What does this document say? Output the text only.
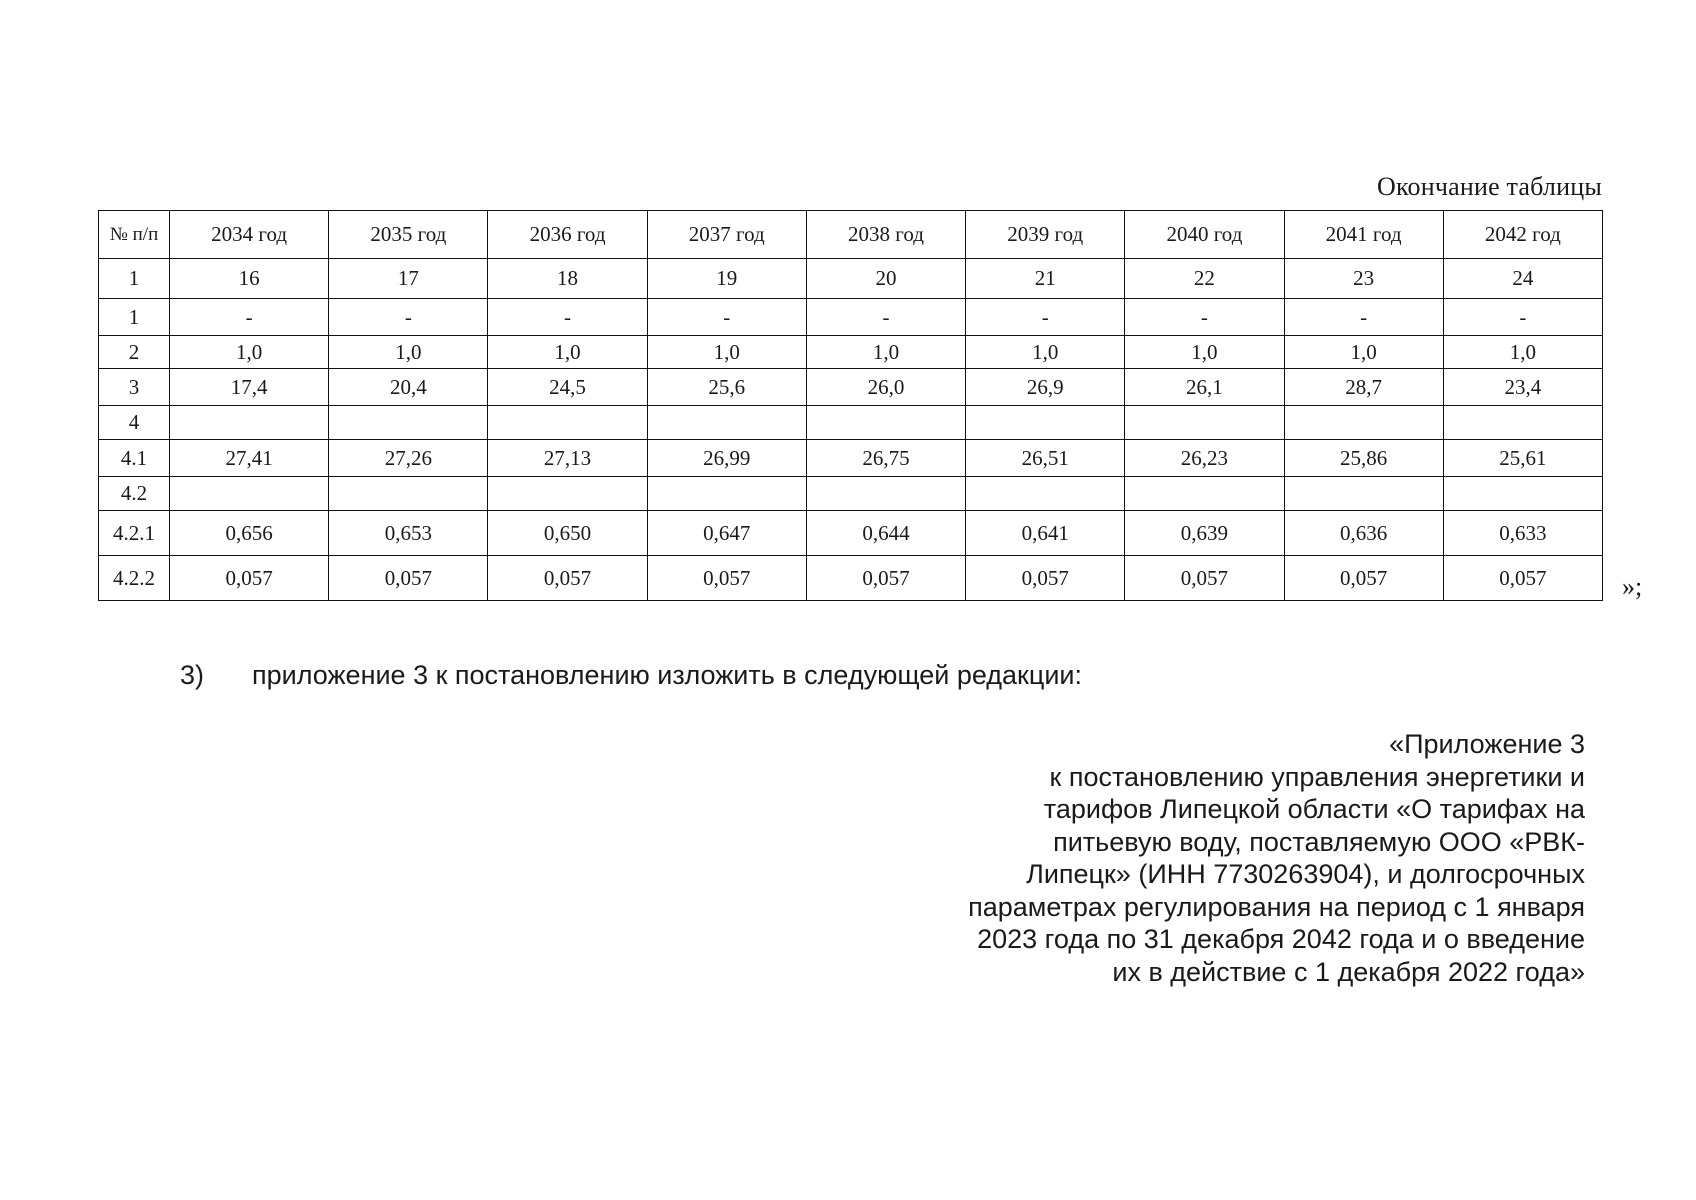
Окончание таблицы
№ п/п	2034 год	2035 год	2036 год	2037 год	2038 год	2039 год	2040 год	2041 год	2042 год
1	16	17	18	19	20	21	22	23	24
1	-	-	-	-	-	-	-	-	-
2	1,0	1,0	1,0	1,0	1,0	1,0	1,0	1,0	1,0
3	17,4	20,4	24,5	25,6	26,0	26,9	26,1	28,7	23,4
4									
4.1	27,41	27,26	27,13	26,99	26,75	26,51	26,23	25,86	25,61
4.2									
4.2.1	0,656	0,653	0,650	0,647	0,644	0,641	0,639	0,636	0,633
4.2.2	0,057	0,057	0,057	0,057	0,057	0,057	0,057	0,057	0,057	»;
3) приложение 3 к постановлению изложить в следующей редакции:
«Приложение 3
к постановлению управления энергетики и
тарифов Липецкой области «О тарифах на
питьевую воду, поставляемую ООО «РВК-
Липецк» (ИНН 7730263904), и долгосрочных
параметрах регулирования на период с 1 января
2023 года по 31 декабря 2042 года и о введение
их в действие с 1 декабря 2022 года»
